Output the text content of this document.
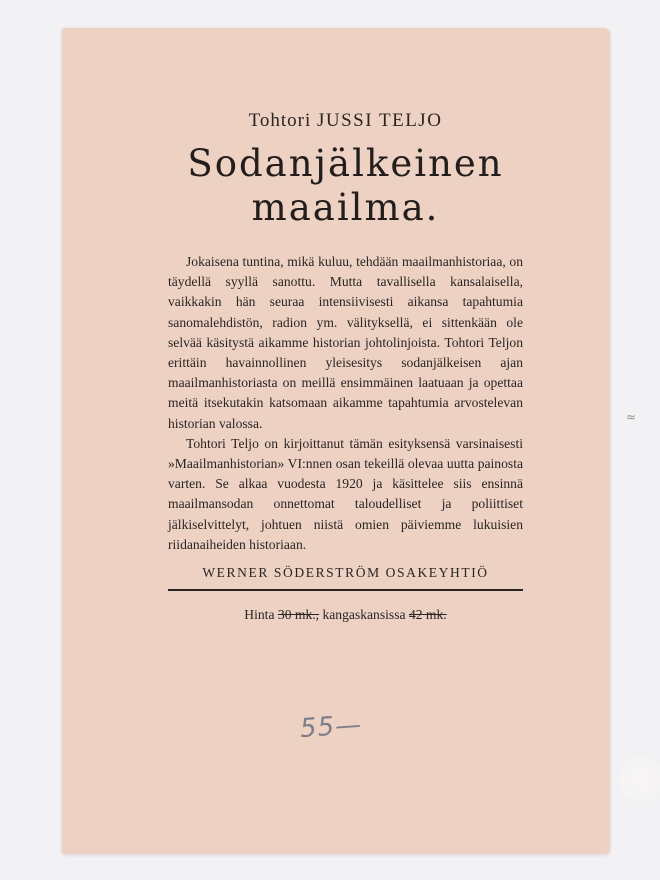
≈
Tohtori JUSSI TELJO
Sodanjälkeinen
maailma.

Jokaisena tuntina, mikä kuluu, tehdään maailmanhistoriaa, on täydellä syyllä sanottu. Mutta tavallisella kansalaisella, vaikkakin hän seuraa intensiivisesti aikansa tapahtumia sanomalehdistön, radion ym. välityksellä, ei sittenkään ole selvää käsitystä aikamme historian johtolinjoista. Tohtori Teljon erittäin havainnollinen yleisesitys sodanjälkeisen ajan maailmanhistoriasta on meillä ensimmäinen laatuaan ja opettaa meitä itsekutakin katsomaan aikamme tapahtumia arvostelevan historian valossa.

Tohtori Teljo on kirjoittanut tämän esityksensä varsinaisesti »Maailmanhistorian» VI:nnen osan tekeillä olevaa uutta painosta varten. Se alkaa vuodesta 1920 ja käsittelee siis ensinnä maailmansodan onnettomat taloudelliset ja poliittiset jälkiselvittelyt, johtuen niistä omien päiviemme lukuisien riidanaiheiden historiaan.

WERNER SÖDERSTRÖM OSAKEYHTIÖ
Hinta 30 mk., kangaskansissa 42 mk.
55—
